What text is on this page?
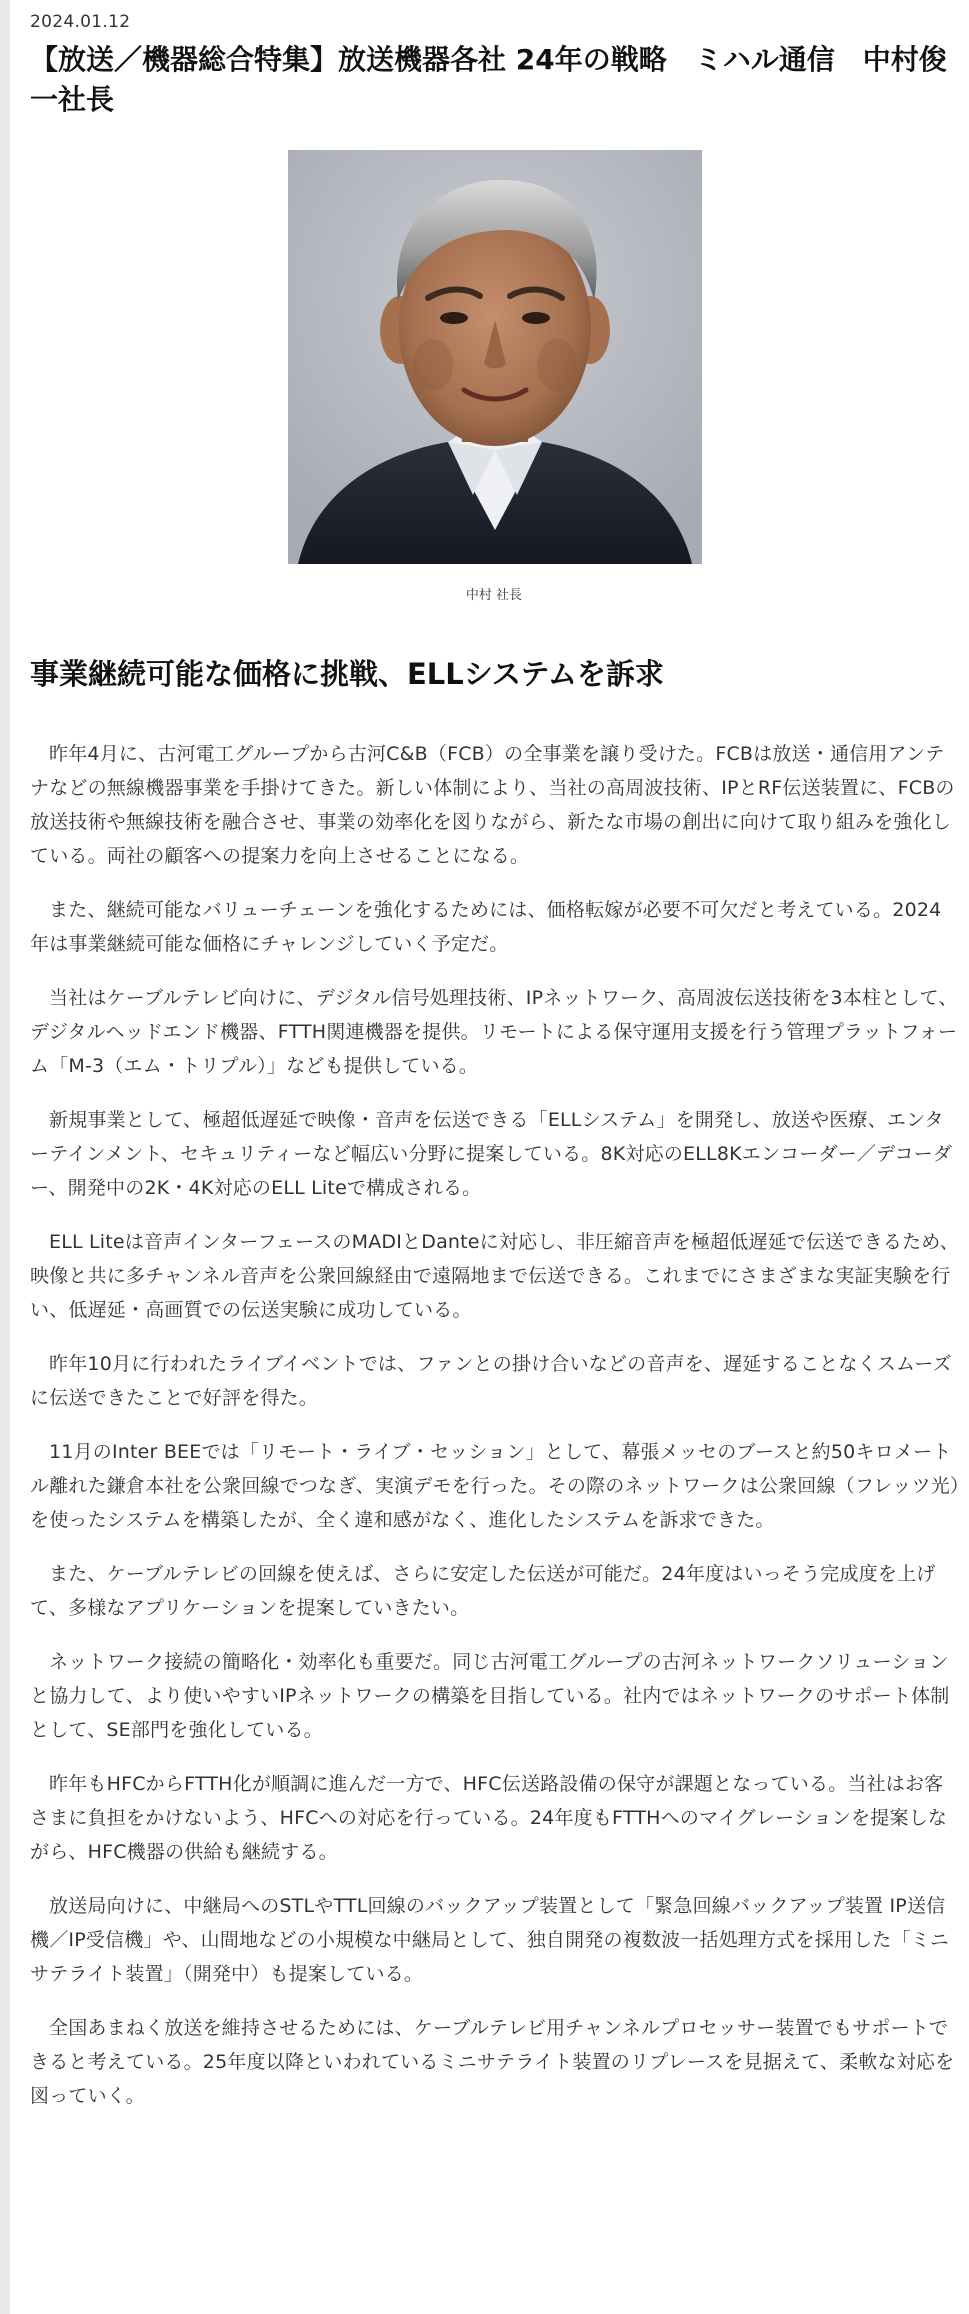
2024.01.12
【放送／機器総合特集】放送機器各社 24年の戦略　ミハル通信　中村俊一社長
中村 社長
事業継続可能な価格に挑戦、ELLシステムを訴求

昨年4月に、古河電工グループから古河C&B（FCB）の全事業を譲り受けた。FCBは放送・通信用アンテナなどの無線機器事業を手掛けてきた。新しい体制により、当社の高周波技術、IPとRF伝送装置に、FCBの放送技術や無線技術を融合させ、事業の効率化を図りながら、新たな市場の創出に向けて取り組みを強化している。両社の顧客への提案力を向上させることになる。

また、継続可能なバリューチェーンを強化するためには、価格転嫁が必要不可欠だと考えている。2024年は事業継続可能な価格にチャレンジしていく予定だ。

当社はケーブルテレビ向けに、デジタル信号処理技術、IPネットワーク、高周波伝送技術を3本柱として、デジタルヘッドエンド機器、FTTH関連機器を提供。リモートによる保守運用支援を行う管理プラットフォーム「M-3（エム・トリプル）」なども提供している。

新規事業として、極超低遅延で映像・音声を伝送できる「ELLシステム」を開発し、放送や医療、エンターテインメント、セキュリティーなど幅広い分野に提案している。8K対応のELL8Kエンコーダー／デコーダー、開発中の2K・4K対応のELL Liteで構成される。

ELL Liteは音声インターフェースのMADIとDanteに対応し、非圧縮音声を極超低遅延で伝送できるため、映像と共に多チャンネル音声を公衆回線経由で遠隔地まで伝送できる。これまでにさまざまな実証実験を行い、低遅延・高画質での伝送実験に成功している。

昨年10月に行われたライブイベントでは、ファンとの掛け合いなどの音声を、遅延することなくスムーズに伝送できたことで好評を得た。

11月のInter BEEでは「リモート・ライブ・セッション」として、幕張メッセのブースと約50キロメートル離れた鎌倉本社を公衆回線でつなぎ、実演デモを行った。その際のネットワークは公衆回線（フレッツ光）を使ったシステムを構築したが、全く違和感がなく、進化したシステムを訴求できた。

また、ケーブルテレビの回線を使えば、さらに安定した伝送が可能だ。24年度はいっそう完成度を上げて、多様なアプリケーションを提案していきたい。

ネットワーク接続の簡略化・効率化も重要だ。同じ古河電工グループの古河ネットワークソリューションと協力して、より使いやすいIPネットワークの構築を目指している。社内ではネットワークのサポート体制として、SE部門を強化している。

昨年もHFCからFTTH化が順調に進んだ一方で、HFC伝送路設備の保守が課題となっている。当社はお客さまに負担をかけないよう、HFCへの対応を行っている。24年度もFTTHへのマイグレーションを提案しながら、HFC機器の供給も継続する。

放送局向けに、中継局へのSTLやTTL回線のバックアップ装置として「緊急回線バックアップ装置 IP送信機／IP受信機」や、山間地などの小規模な中継局として、独自開発の複数波一括処理方式を採用した「ミニサテライト装置」（開発中）も提案している。

全国あまねく放送を維持させるためには、ケーブルテレビ用チャンネルプロセッサー装置でもサポートできると考えている。25年度以降といわれているミニサテライト装置のリプレースを見据えて、柔軟な対応を図っていく。
